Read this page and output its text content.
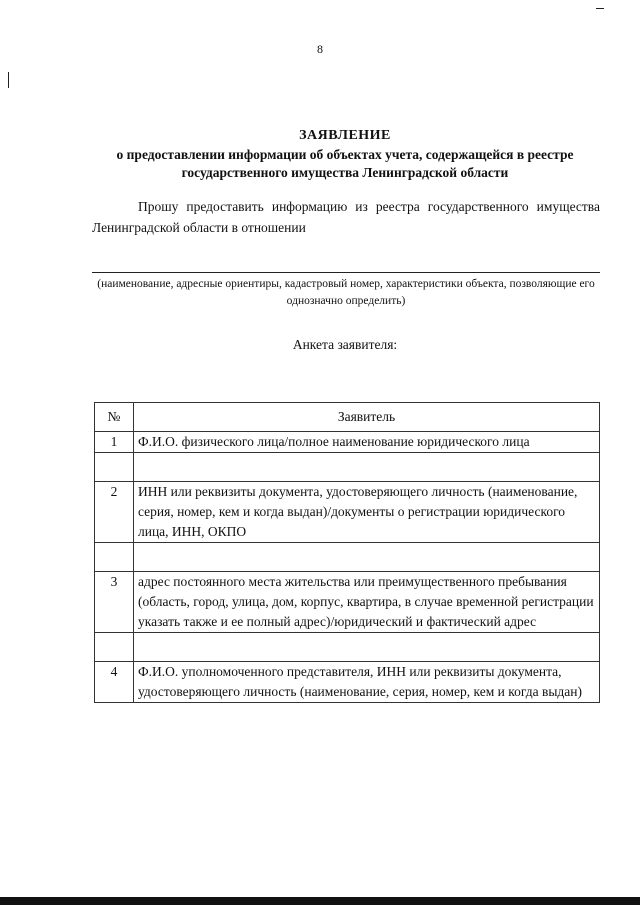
8
ЗАЯВЛЕНИЕ
о предоставлении информации об объектах учета, содержащейся в реестре государственного имущества Ленинградской области
Прошу предоставить информацию из реестра государственного имущества Ленинградской области в отношении
(наименование, адресные ориентиры, кадастровый номер, характеристики объекта, позволяющие его однозначно определить)
Анкета заявителя:
№	Заявитель
1	Ф.И.О. физического лица/полное наименование юридического лица

2	ИНН или реквизиты документа, удостоверяющего личность (наименование, серия, номер, кем и когда выдан)/документы о регистрации юридического лица, ИНН, ОКПО

3	адрес постоянного места жительства или преимущественного пребывания
(область, город, улица, дом, корпус, квартира, в случае временной регистрации указать также и ее полный адрес)/юридический и фактический адрес

4	Ф.И.О. уполномоченного представителя, ИНН или реквизиты документа, удостоверяющего личность (наименование, серия, номер, кем и когда выдан)
